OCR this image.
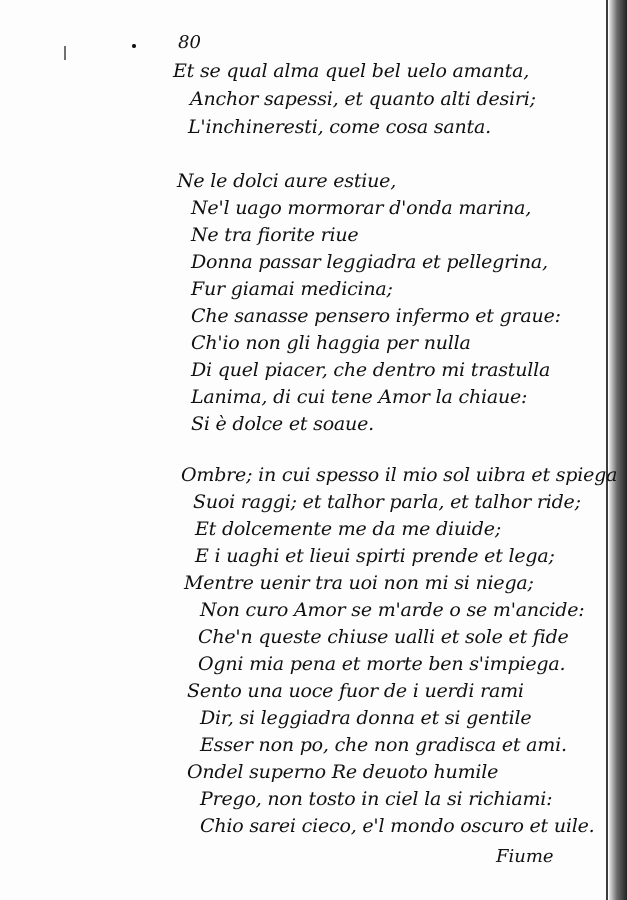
80
Et se qual alma quel bel uelo amanta,
Anchor sapessi, et quanto alti desiri;
L'inchineresti, come cosa santa.
Ne le dolci aure estiue,
Ne'l uago mormorar d'onda marina,
Ne tra fiorite riue
Donna passar leggiadra et pellegrina,
Fur giamai medicina;
Che sanasse pensero infermo et graue:
Ch'io non gli haggia per nulla
Di quel piacer, che dentro mi trastulla
Lanima, di cui tene Amor la chiaue:
Si è dolce et soaue.
Ombre; in cui spesso il mio sol uibra et spiega
Suoi raggi; et talhor parla, et talhor ride;
Et dolcemente me da me diuide;
E i uaghi et lieui spirti prende et lega;
Mentre uenir tra uoi non mi si niega;
Non curo Amor se m'arde o se m'ancide:
Che'n queste chiuse ualli et sole et fide
Ogni mia pena et morte ben s'impiega.
Sento una uoce fuor de i uerdi rami
Dir, si leggiadra donna et si gentile
Esser non po, che non gradisca et ami.
Ondel superno Re deuoto humile
Prego, non tosto in ciel la si richiami:
Chio sarei cieco, e'l mondo oscuro et uile.
Fiume
